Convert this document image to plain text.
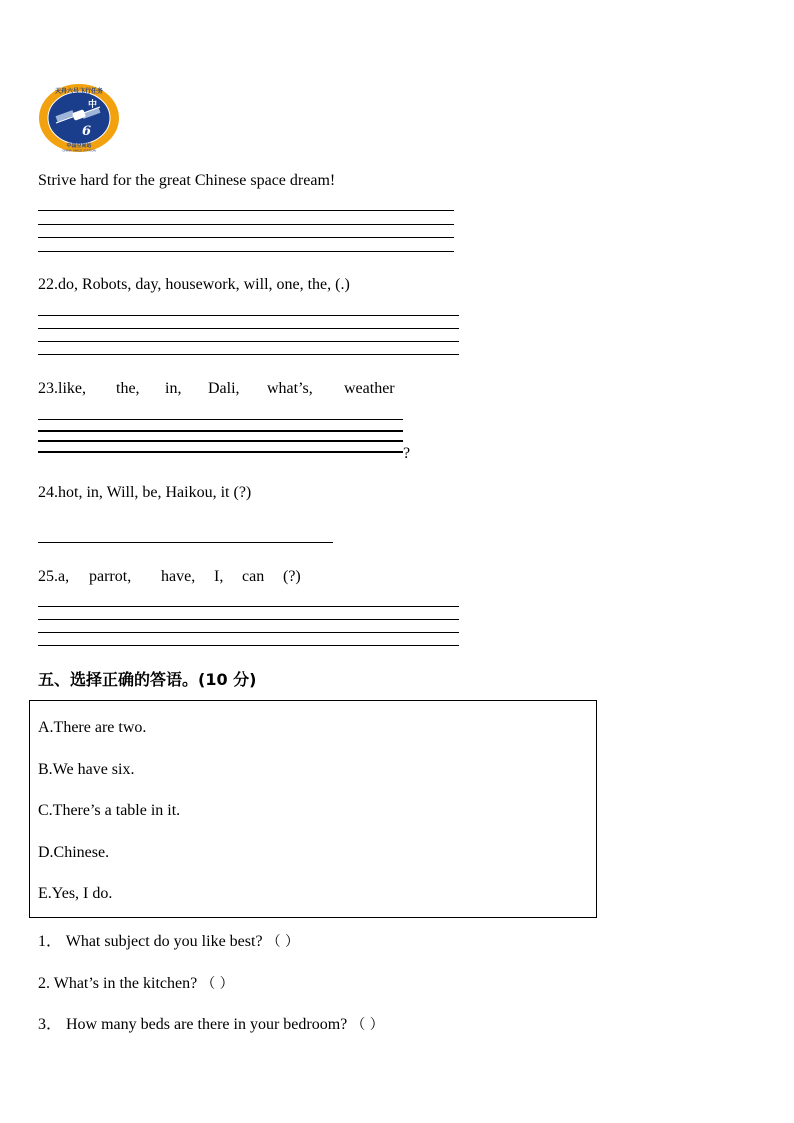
天舟六号飞行任务
中国空间站
CHINA SPACE STATION
中
6
Strive hard for the great Chinese space dream!
22.do, Robots, day, housework, will, one, the, (.)
23.like, the, in, Dali, what’s, weather
?
24.hot, in, Will, be, Haikou, it (?)
25.a, parrot, have, I, can (?)
五、选择正确的答语。(10 分)
A.There are two.
B.We have six.
C.There’s a table in it.
D.Chinese.
E.Yes, I do.
1． What subject do you like best? （ ）
2. What’s in the kitchen? （ ）
3． How many beds are there in your bedroom? （ ）
